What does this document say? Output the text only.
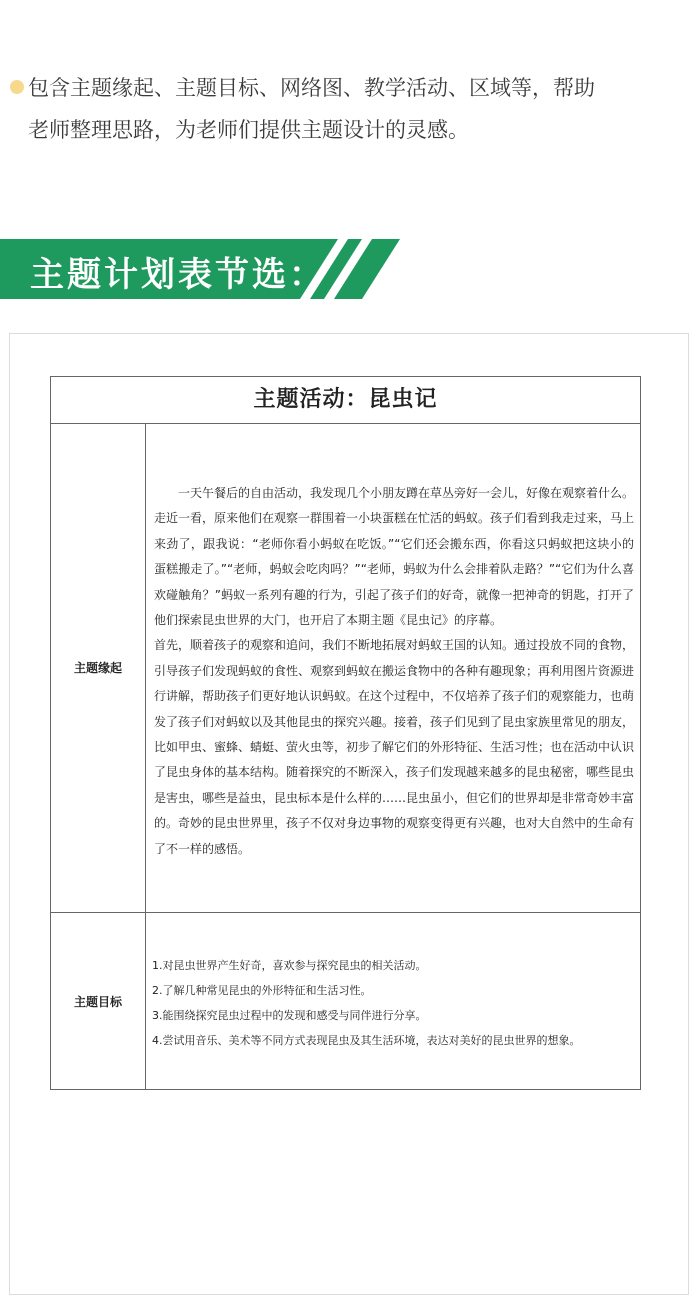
包含主题缘起、主题目标、网络图、教学活动、区域等，帮助
老师整理思路，为老师们提供主题设计的灵感。
主题计划表节选：
主题活动：昆虫记
主题缘起

一天午餐后的自由活动，我发现几个小朋友蹲在草丛旁好一会儿，好像在观察着什么。走近一看，原来他们在观察一群围着一小块蛋糕在忙活的蚂蚁。孩子们看到我走过来，马上来劲了，跟我说：“老师你看小蚂蚁在吃饭。”“它们还会搬东西，你看这只蚂蚁把这块小的蛋糕搬走了。”“老师，蚂蚁会吃肉吗？”“老师，蚂蚁为什么会排着队走路？”“它们为什么喜欢碰触角？”蚂蚁一系列有趣的行为，引起了孩子们的好奇，就像一把神奇的钥匙，打开了他们探索昆虫世界的大门，也开启了本期主题《昆虫记》的序幕。

首先，顺着孩子的观察和追问，我们不断地拓展对蚂蚁王国的认知。通过投放不同的食物，引导孩子们发现蚂蚁的食性、观察到蚂蚁在搬运食物中的各种有趣现象；再利用图片资源进行讲解，帮助孩子们更好地认识蚂蚁。在这个过程中，不仅培养了孩子们的观察能力，也萌发了孩子们对蚂蚁以及其他昆虫的探究兴趣。接着，孩子们见到了昆虫家族里常见的朋友，比如甲虫、蜜蜂、蜻蜓、萤火虫等，初步了解它们的外形特征、生活习性；也在活动中认识了昆虫身体的基本结构。随着探究的不断深入，孩子们发现越来越多的昆虫秘密，哪些昆虫是害虫，哪些是益虫，昆虫标本是什么样的……昆虫虽小，但它们的世界却是非常奇妙丰富的。奇妙的昆虫世界里，孩子不仅对身边事物的观察变得更有兴趣，也对大自然中的生命有了不一样的感悟。

主题目标
1.对昆虫世界产生好奇，喜欢参与探究昆虫的相关活动。
2.了解几种常见昆虫的外形特征和生活习性。
3.能围绕探究昆虫过程中的发现和感受与同伴进行分享。
4.尝试用音乐、美术等不同方式表现昆虫及其生活环境，表达对美好的昆虫世界的想象。
